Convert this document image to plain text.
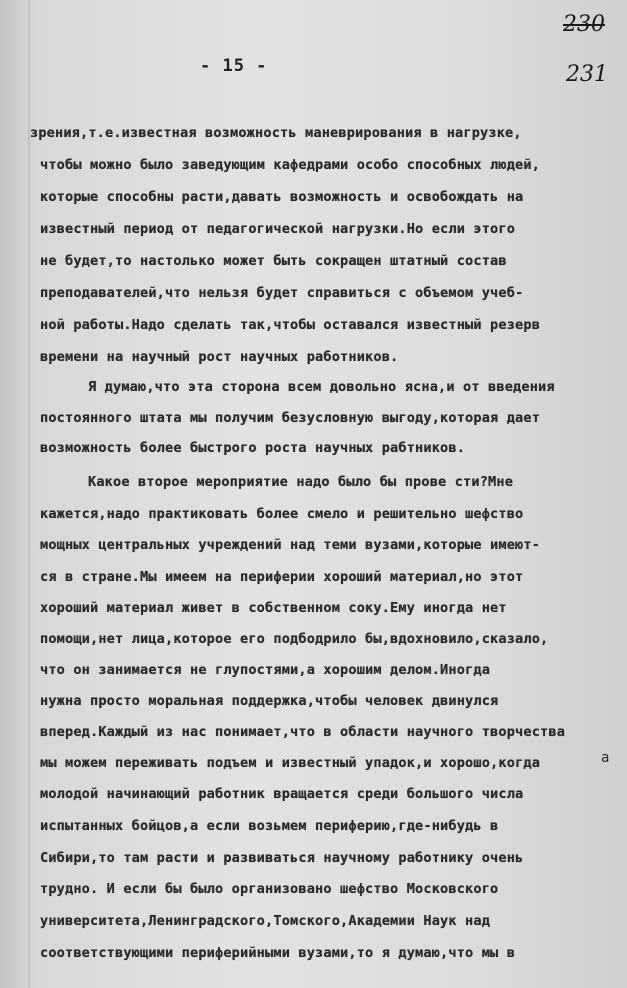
- 15 -
230
231
зрения,т.е.известная возможность маневрирования в нагрузке,
чтобы можно было заведующим кафедрами особо способных людей,
которые способны расти,давать возможность и освобождать на
известный период от педагогической нагрузки.Но если этого
не будет,то настолько может быть сокращен штатный состав
преподавателей,что нельзя будет справиться с объемом учеб-
ной работы.Надо сделать так,чтобы оставался известный резерв
времени на научный рост научных работников.
Я думаю,что эта сторона всем довольно ясна,и от введения
постоянного штата мы получим безусловную выгоду,которая дает
возможность более быстрого роста научных рабтников.
Какое второе мероприятие надо было бы прове сти?Мне
кажется,надо практиковать более смело и решительно шефство
мощных центральных учреждений над теми вузами,которые имеют-
ся в стране.Мы имеем на периферии хороший материал,но этот
хороший материал живет в собственном соку.Ему иногда нет
помощи,нет лица,которое его подбодрило бы,вдохновило,сказало,
что он занимается не глупостями,а хорошим делом.Иногда
нужна просто моральная поддержка,чтобы человек двинулся
вперед.Каждый из нас понимает,что в области научного творчества
мы можем переживать подъем и известный упадок,и хорошо,когда
молодой начинающий работник вращается среди большого числа
испытанных бойцов,а если возьмем периферию,где-нибудь в
Сибири,то там расти и развиваться научному работнику очень
трудно. И если бы было организовано шефство Московского
университета,Ленинградского,Томского,Академии Наук над
соответствующими периферийными вузами,то я думаю,что мы в
а
